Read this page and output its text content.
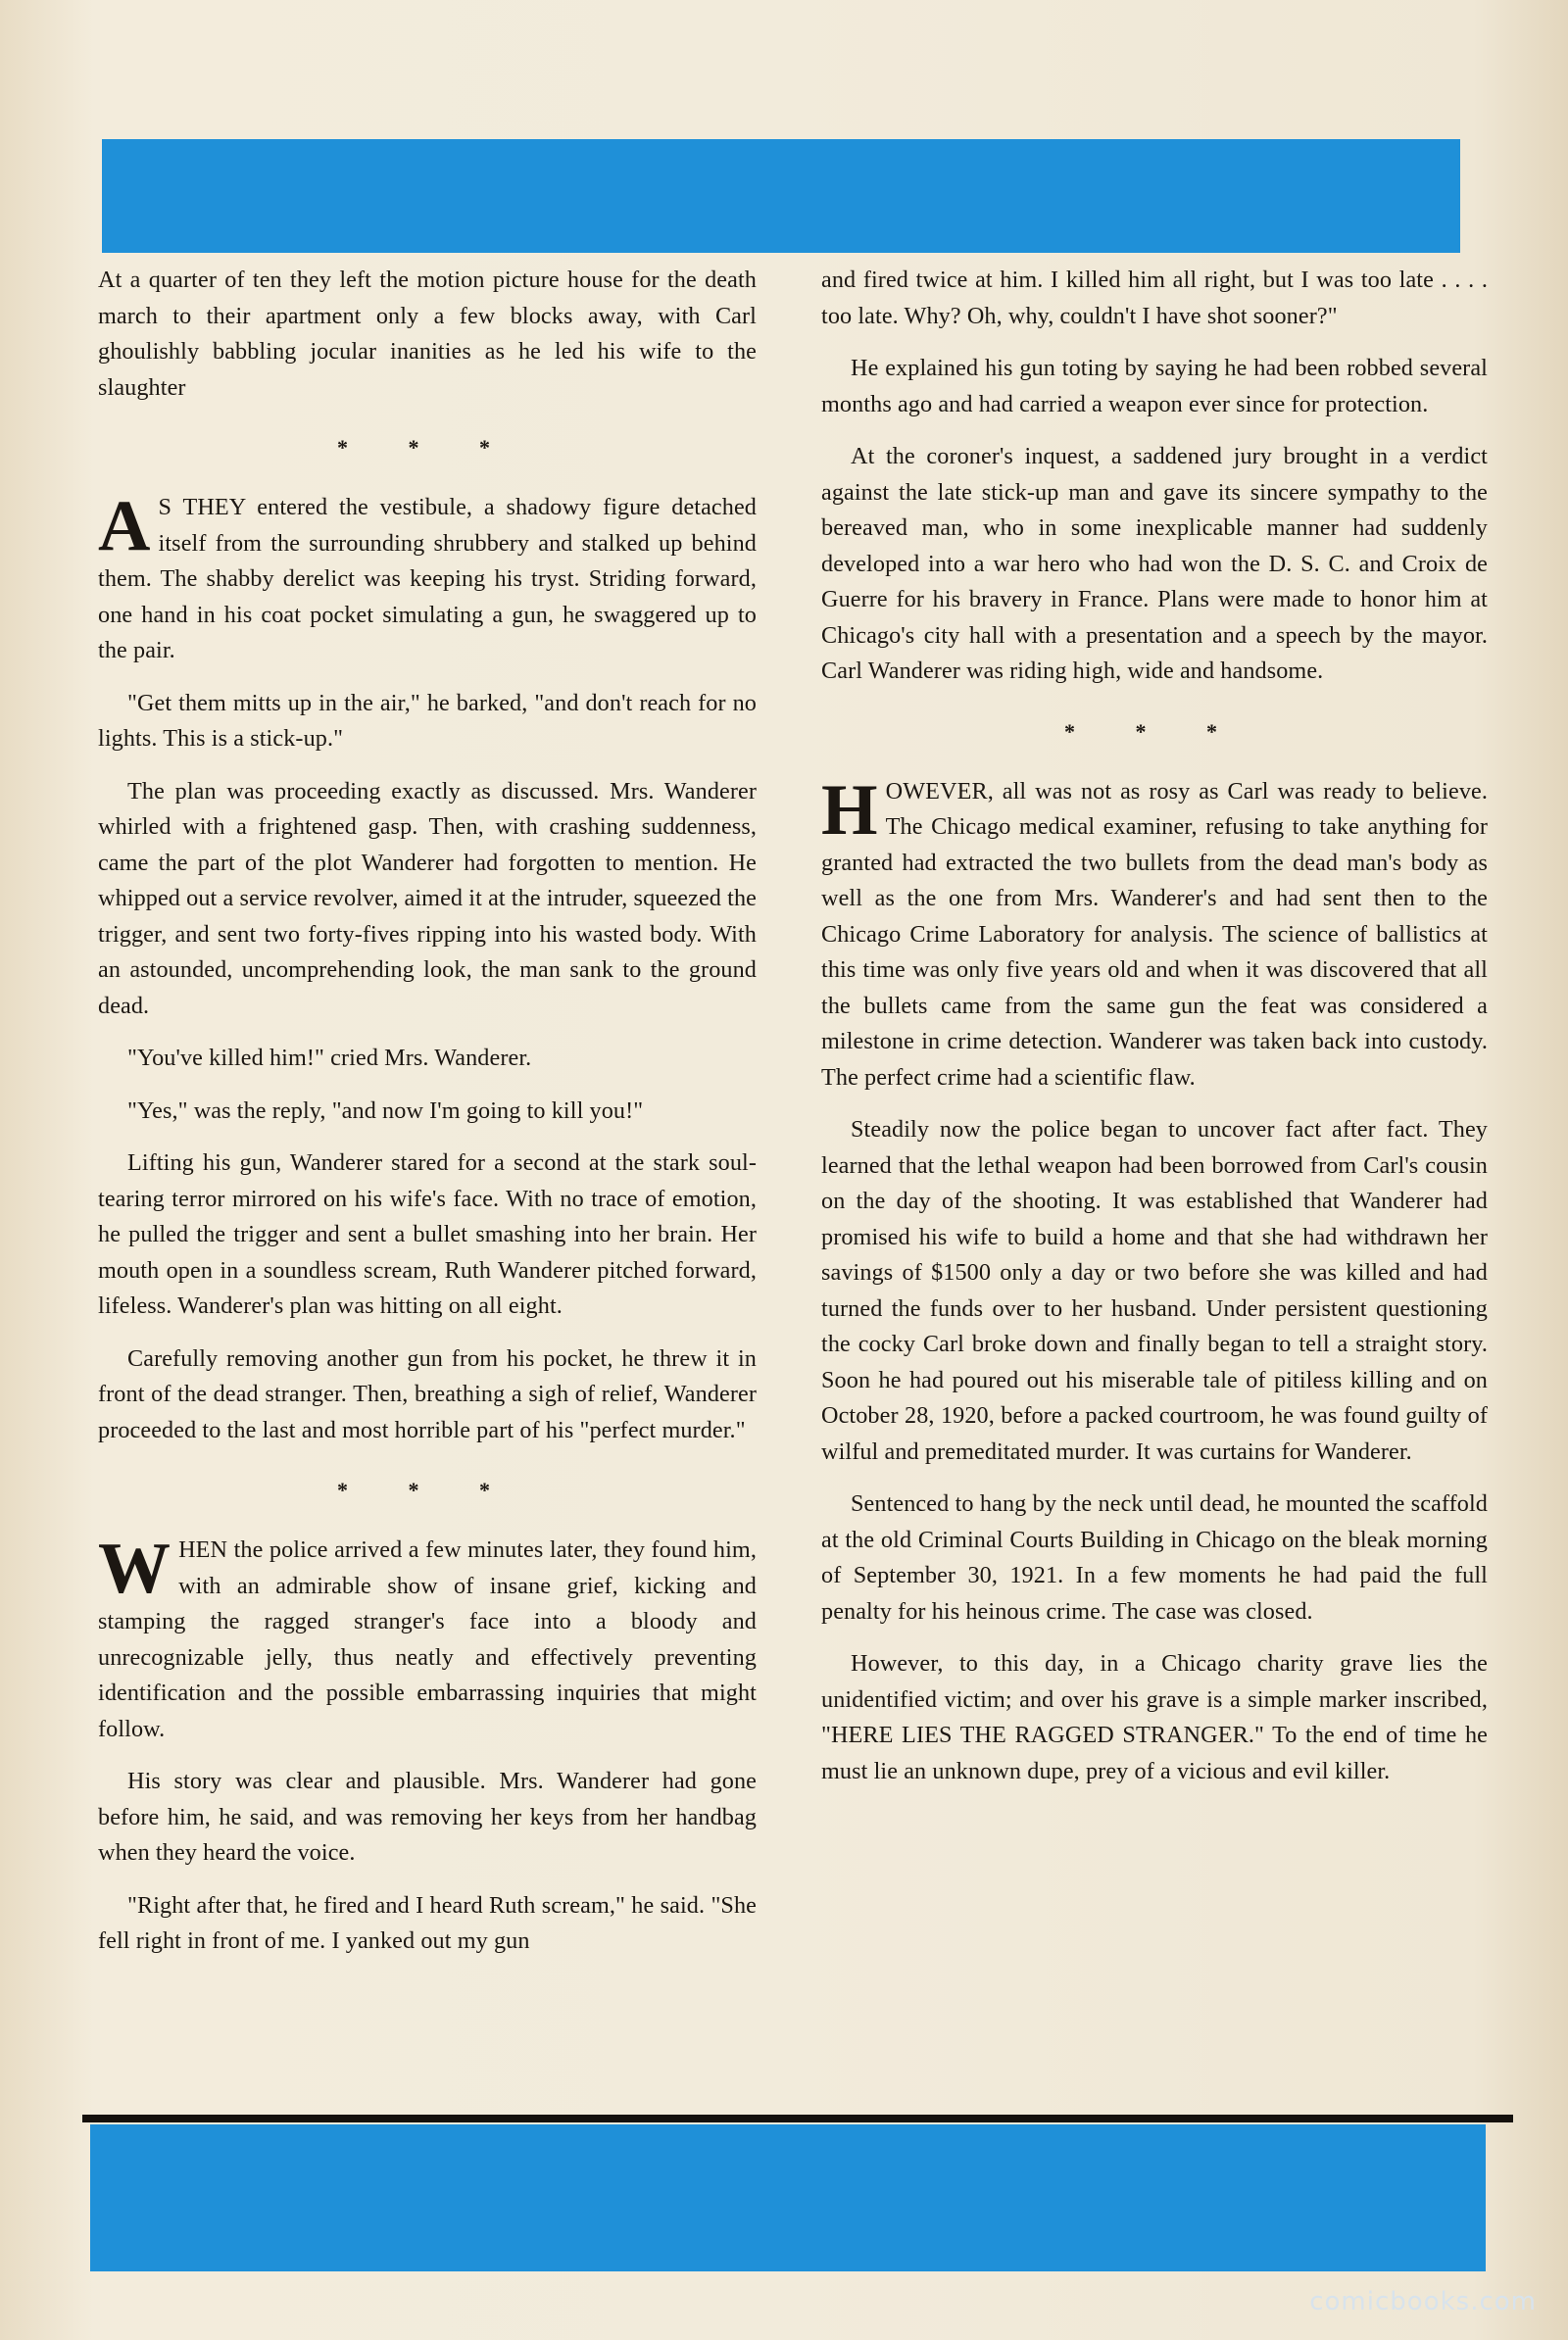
At a quarter of ten they left the motion picture house for the death march to their apartment only a few blocks away, with Carl ghoulishly babbling jocular inanities as he led his wife to the slaughter

* * *

A S THEY entered the vestibule, a shadowy figure detached itself from the surrounding shrubbery and stalked up behind them. The shabby derelict was keeping his tryst. Striding forward, one hand in his coat pocket simulating a gun, he swaggered up to the pair.

"Get them mitts up in the air," he barked, "and don't reach for no lights. This is a stick-up."

The plan was proceeding exactly as discussed. Mrs. Wanderer whirled with a frightened gasp. Then, with crashing suddenness, came the part of the plot Wanderer had forgotten to mention. He whipped out a service revolver, aimed it at the intruder, squeezed the trigger, and sent two forty-fives ripping into his wasted body. With an astounded, uncomprehending look, the man sank to the ground dead.

"You've killed him!" cried Mrs. Wanderer.

"Yes," was the reply, "and now I'm going to kill you!"

Lifting his gun, Wanderer stared for a second at the stark soul-tearing terror mirrored on his wife's face. With no trace of emotion, he pulled the trigger and sent a bullet smashing into her brain. Her mouth open in a soundless scream, Ruth Wanderer pitched forward, lifeless. Wanderer's plan was hitting on all eight.

Carefully removing another gun from his pocket, he threw it in front of the dead stranger. Then, breathing a sigh of relief, Wanderer proceeded to the last and most horrible part of his "perfect murder."

* * *

WHEN the police arrived a few minutes later, they found him, with an admirable show of insane grief, kicking and stamping the ragged stranger's face into a bloody and unrecognizable jelly, thus neatly and effectively preventing identification and the possible embarrassing inquiries that might follow.

His story was clear and plausible. Mrs. Wanderer had gone before him, he said, and was removing her keys from her handbag when they heard the voice.

"Right after that, he fired and I heard Ruth scream," he said. "She fell right in front of me. I yanked out my gun

and fired twice at him. I killed him all right, but I was too late . . . . too late. Why? Oh, why, couldn't I have shot sooner?"

He explained his gun toting by saying he had been robbed several months ago and had carried a weapon ever since for protection.

At the coroner's inquest, a saddened jury brought in a verdict against the late stick-up man and gave its sincere sympathy to the bereaved man, who in some inexplicable manner had suddenly developed into a war hero who had won the D. S. C. and Croix de Guerre for his bravery in France. Plans were made to honor him at Chicago's city hall with a presentation and a speech by the mayor. Carl Wanderer was riding high, wide and handsome.

* * *

HOWEVER, all was not as rosy as Carl was ready to believe. The Chicago medical examiner, refusing to take anything for granted had extracted the two bullets from the dead man's body as well as the one from Mrs. Wanderer's and had sent then to the Chicago Crime Laboratory for analysis. The science of ballistics at this time was only five years old and when it was discovered that all the bullets came from the same gun the feat was considered a milestone in crime detection. Wanderer was taken back into custody. The perfect crime had a scientific flaw.

Steadily now the police began to uncover fact after fact. They learned that the lethal weapon had been borrowed from Carl's cousin on the day of the shooting. It was established that Wanderer had promised his wife to build a home and that she had withdrawn her savings of $1500 only a day or two before she was killed and had turned the funds over to her husband. Under persistent questioning the cocky Carl broke down and finally began to tell a straight story. Soon he had poured out his miserable tale of pitiless killing and on October 28, 1920, before a packed courtroom, he was found guilty of wilful and premeditated murder. It was curtains for Wanderer.

Sentenced to hang by the neck until dead, he mounted the scaffold at the old Criminal Courts Building in Chicago on the bleak morning of September 30, 1921. In a few moments he had paid the full penalty for his heinous crime. The case was closed.

However, to this day, in a Chicago charity grave lies the unidentified victim; and over his grave is a simple marker inscribed, "HERE LIES THE RAGGED STRANGER." To the end of time he must lie an unknown dupe, prey of a vicious and evil killer.

comicbooks.com
